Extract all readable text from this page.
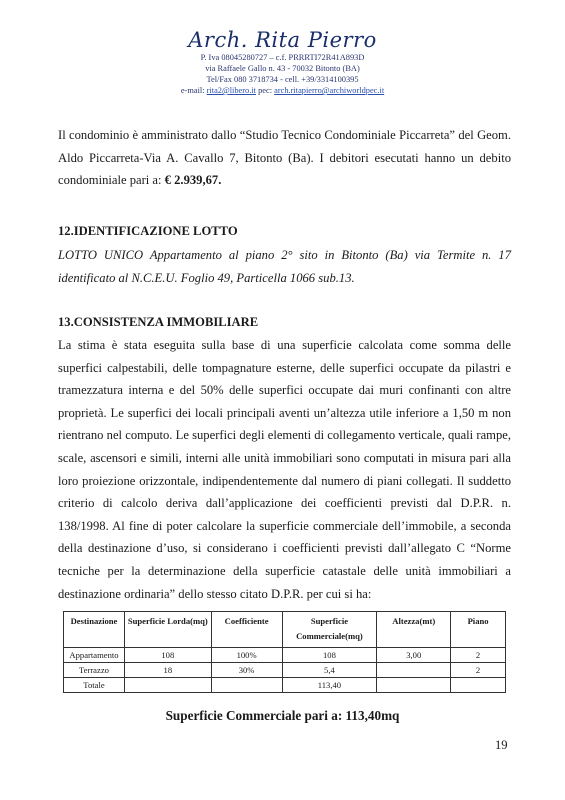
Arch. Rita Pierro
P. Iva 08045280727 – c.f. PRRRTI72R41A893D
via Raffaele Gallo n. 43 - 70032 Bitonto (BA)
Tel/Fax 080 3718734 - cell. +39/3314100395
e-mail: rita2@libero.it pec: arch.ritapierro@archiworldpec.it
Il condominio è amministrato dallo “Studio Tecnico Condominiale Piccarreta” del Geom. Aldo Piccarreta-Via A. Cavallo 7, Bitonto (Ba). I debitori esecutati hanno un debito condominiale pari a: € 2.939,67.
12.IDENTIFICAZIONE LOTTO
LOTTO UNICO Appartamento al piano 2° sito in Bitonto (Ba) via Termite n. 17 identificato al N.C.E.U. Foglio 49, Particella 1066 sub.13.
13.CONSISTENZA IMMOBILIARE
La stima è stata eseguita sulla base di una superficie calcolata come somma delle superfici calpestabili, delle tompagnature esterne, delle superfici occupate da pilastri e tramezzatura interna e del 50% delle superfici occupate dai muri confinanti con altre proprietà. Le superfici dei locali principali aventi un’altezza utile inferiore a 1,50 m non rientrano nel computo. Le superfici degli elementi di collegamento verticale, quali rampe, scale, ascensori e simili, interni alle unità immobiliari sono computati in misura pari alla loro proiezione orizzontale, indipendentemente dal numero di piani collegati. Il suddetto criterio di calcolo deriva dall’applicazione dei coefficienti previsti dal D.P.R. n. 138/1998. Al fine di poter calcolare la superficie commerciale dell’immobile, a seconda della destinazione d’uso, si considerano i coefficienti previsti dall’allegato C “Norme tecniche per la determinazione della superficie catastale delle unità immobiliari a destinazione ordinaria” dello stesso citato D.P.R. per cui si ha:
Destinazione	Superficie Lorda(mq)	Coefficiente	Superficie Commerciale(mq)	Altezza(mt)	Piano
Appartamento	108	100%	108	3,00	2
Terrazzo	18	30%	5,4		2
Totale			113,40		
Superficie Commerciale pari a: 113,40mq
19
